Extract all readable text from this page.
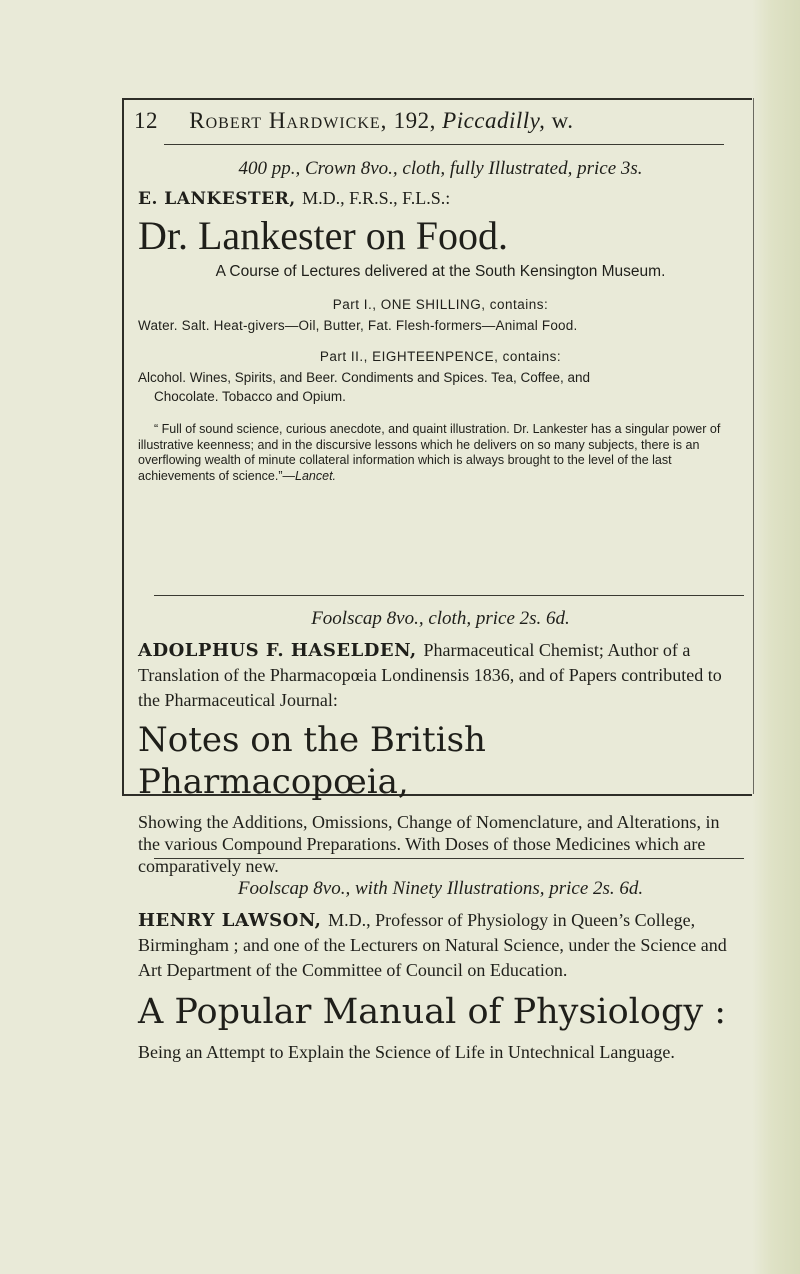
12 Robert Hardwicke, 192, Piccadilly, w.
400 pp., Crown 8vo., cloth, fully Illustrated, price 3s.
E. LANKESTER, M.D., F.R.S., F.L.S.:
Dr. Lankester on Food.
A Course of Lectures delivered at the South Kensington Museum.
Part I., ONE SHILLING, contains:
Water. Salt. Heat-givers—Oil, Butter, Fat. Flesh-formers—Animal Food.
Part II., EIGHTEENPENCE, contains:
Alcohol. Wines, Spirits, and Beer. Condiments and Spices. Tea, Coffee, and
Chocolate. Tobacco and Opium.
“ Full of sound science, curious anecdote, and quaint illustration. Dr. Lankester has a singular power of illustrative keenness; and in the discursive lessons which he delivers on so many subjects, there is an overflowing wealth of minute collateral information which is always brought to the level of the last achievements of science.”—Lancet.
Foolscap 8vo., cloth, price 2s. 6d.
ADOLPHUS F. HASELDEN, Pharmaceutical Chemist; Author of a Translation of the Pharmacopœia Londinensis 1836, and of Papers contributed to the Pharmaceutical Journal:
Notes on the British Pharmacopœia,
Showing the Additions, Omissions, Change of Nomenclature, and Alterations, in the various Compound Preparations. With Doses of those Medicines which are comparatively new.
Foolscap 8vo., with Ninety Illustrations, price 2s. 6d.
HENRY LAWSON, M.D., Professor of Physiology in Queen’s College, Birmingham ; and one of the Lecturers on Natural Science, under the Science and Art Department of the Committee of Council on Education.
A Popular Manual of Physiology :
Being an Attempt to Explain the Science of Life in Untechnical Language.
